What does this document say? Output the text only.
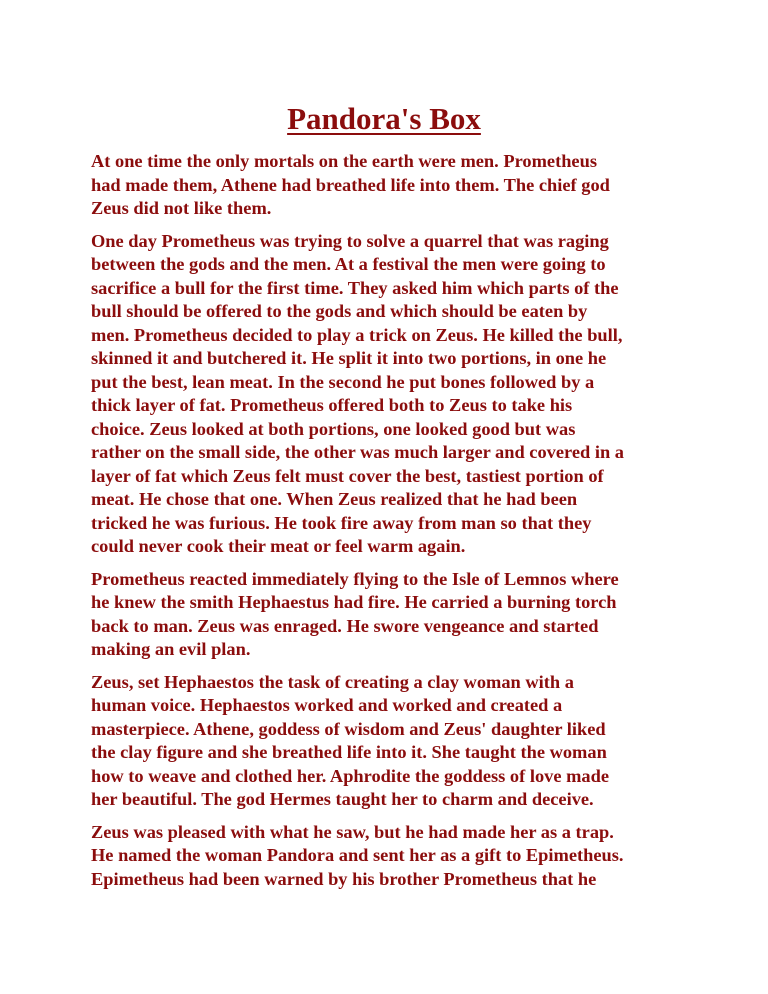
Pandora's Box

At one time the only mortals on the earth were men. Prometheus
had made them, Athene had breathed life into them. The chief god
Zeus did not like them.

One day Prometheus was trying to solve a quarrel that was raging
between the gods and the men. At a festival the men were going to
sacrifice a bull for the first time. They asked him which parts of the
bull should be offered to the gods and which should be eaten by
men. Prometheus decided to play a trick on Zeus. He killed the bull,
skinned it and butchered it. He split it into two portions, in one he
put the best, lean meat. In the second he put bones followed by a
thick layer of fat. Prometheus offered both to Zeus to take his
choice. Zeus looked at both portions, one looked good but was
rather on the small side, the other was much larger and covered in a
layer of fat which Zeus felt must cover the best, tastiest portion of
meat. He chose that one. When Zeus realized that he had been
tricked he was furious. He took fire away from man so that they
could never cook their meat or feel warm again.

Prometheus reacted immediately flying to the Isle of Lemnos where
he knew the smith Hephaestus had fire. He carried a burning torch
back to man. Zeus was enraged. He swore vengeance and started
making an evil plan.

Zeus, set Hephaestos the task of creating a clay woman with a
human voice. Hephaestos worked and worked and created a
masterpiece. Athene, goddess of wisdom and Zeus' daughter liked
the clay figure and she breathed life into it. She taught the woman
how to weave and clothed her. Aphrodite the goddess of love made
her beautiful. The god Hermes taught her to charm and deceive.

Zeus was pleased with what he saw, but he had made her as a trap.
He named the woman Pandora and sent her as a gift to Epimetheus.
Epimetheus had been warned by his brother Prometheus that he
